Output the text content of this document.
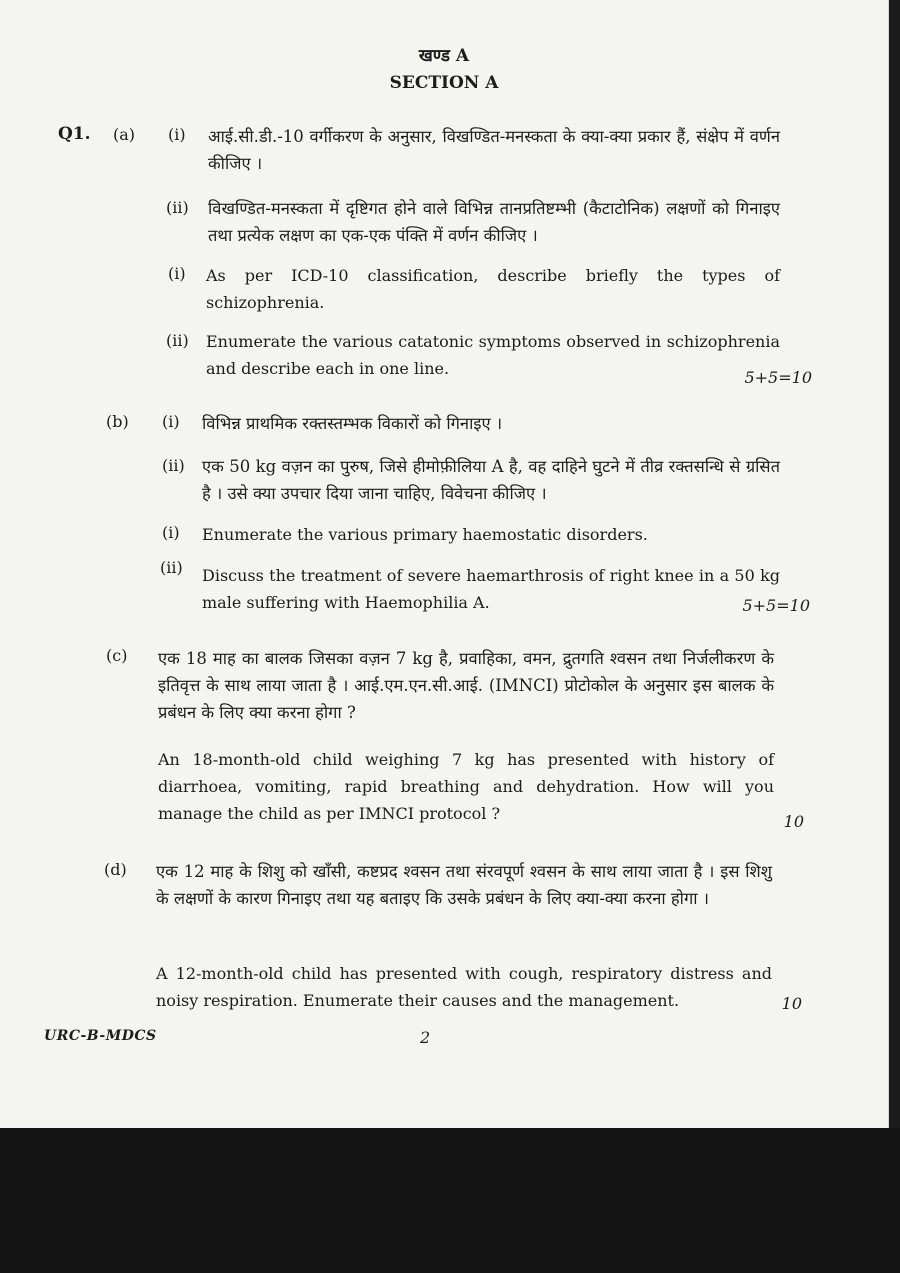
खण्ड A
SECTION A
Q1. (a) (i) आई.सी.डी.-10 वर्गीकरण के अनुसार, विखण्डित-मनस्कता के क्या-क्या प्रकार हैं, संक्षेप में वर्णन कीजिए ।
(ii) विखण्डित-मनस्कता में दृष्टिगत होने वाले विभिन्न तानप्रतिष्टम्भी (कैटाटोनिक) लक्षणों को गिनाइए तथा प्रत्येक लक्षण का एक-एक पंक्ति में वर्णन कीजिए ।
(i) As per ICD-10 classification, describe briefly the types of schizophrenia.
(ii) Enumerate the various catatonic symptoms observed in schizophrenia and describe each in one line.	5+5=10
(b) (i) विभिन्न प्राथमिक रक्तस्तम्भक विकारों को गिनाइए ।
(ii) एक 50 kg वज़न का पुरुष, जिसे हीमोफ़ीलिया A है, वह दाहिने घुटने में तीव्र रक्तसन्धि से ग्रसित है । उसे क्या उपचार दिया जाना चाहिए, विवेचना कीजिए ।
(i) Enumerate the various primary haemostatic disorders.
(ii) Discuss the treatment of severe haemarthrosis of right knee in a 50 kg male suffering with Haemophilia A.	5+5=10
(c) एक 18 माह का बालक जिसका वज़न 7 kg है, प्रवाहिका, वमन, द्रुतगति श्वसन तथा निर्जलीकरण के इतिवृत्त के साथ लाया जाता है । आई.एम.एन.सी.आई. (IMNCI) प्रोटोकोल के अनुसार इस बालक के प्रबंधन के लिए क्या करना होगा ?
An 18-month-old child weighing 7 kg has presented with history of diarrhoea, vomiting, rapid breathing and dehydration. How will you manage the child as per IMNCI protocol ?	10
(d) एक 12 माह के शिशु को खाँसी, कष्टप्रद श्वसन तथा संरवपूर्ण श्वसन के साथ लाया जाता है । इस शिशु के लक्षणों के कारण गिनाइए तथा यह बताइए कि उसके प्रबंधन के लिए क्या-क्या करना होगा ।
A 12-month-old child has presented with cough, respiratory distress and noisy respiration. Enumerate their causes and the management.	10
URC-B-MDCS	2
